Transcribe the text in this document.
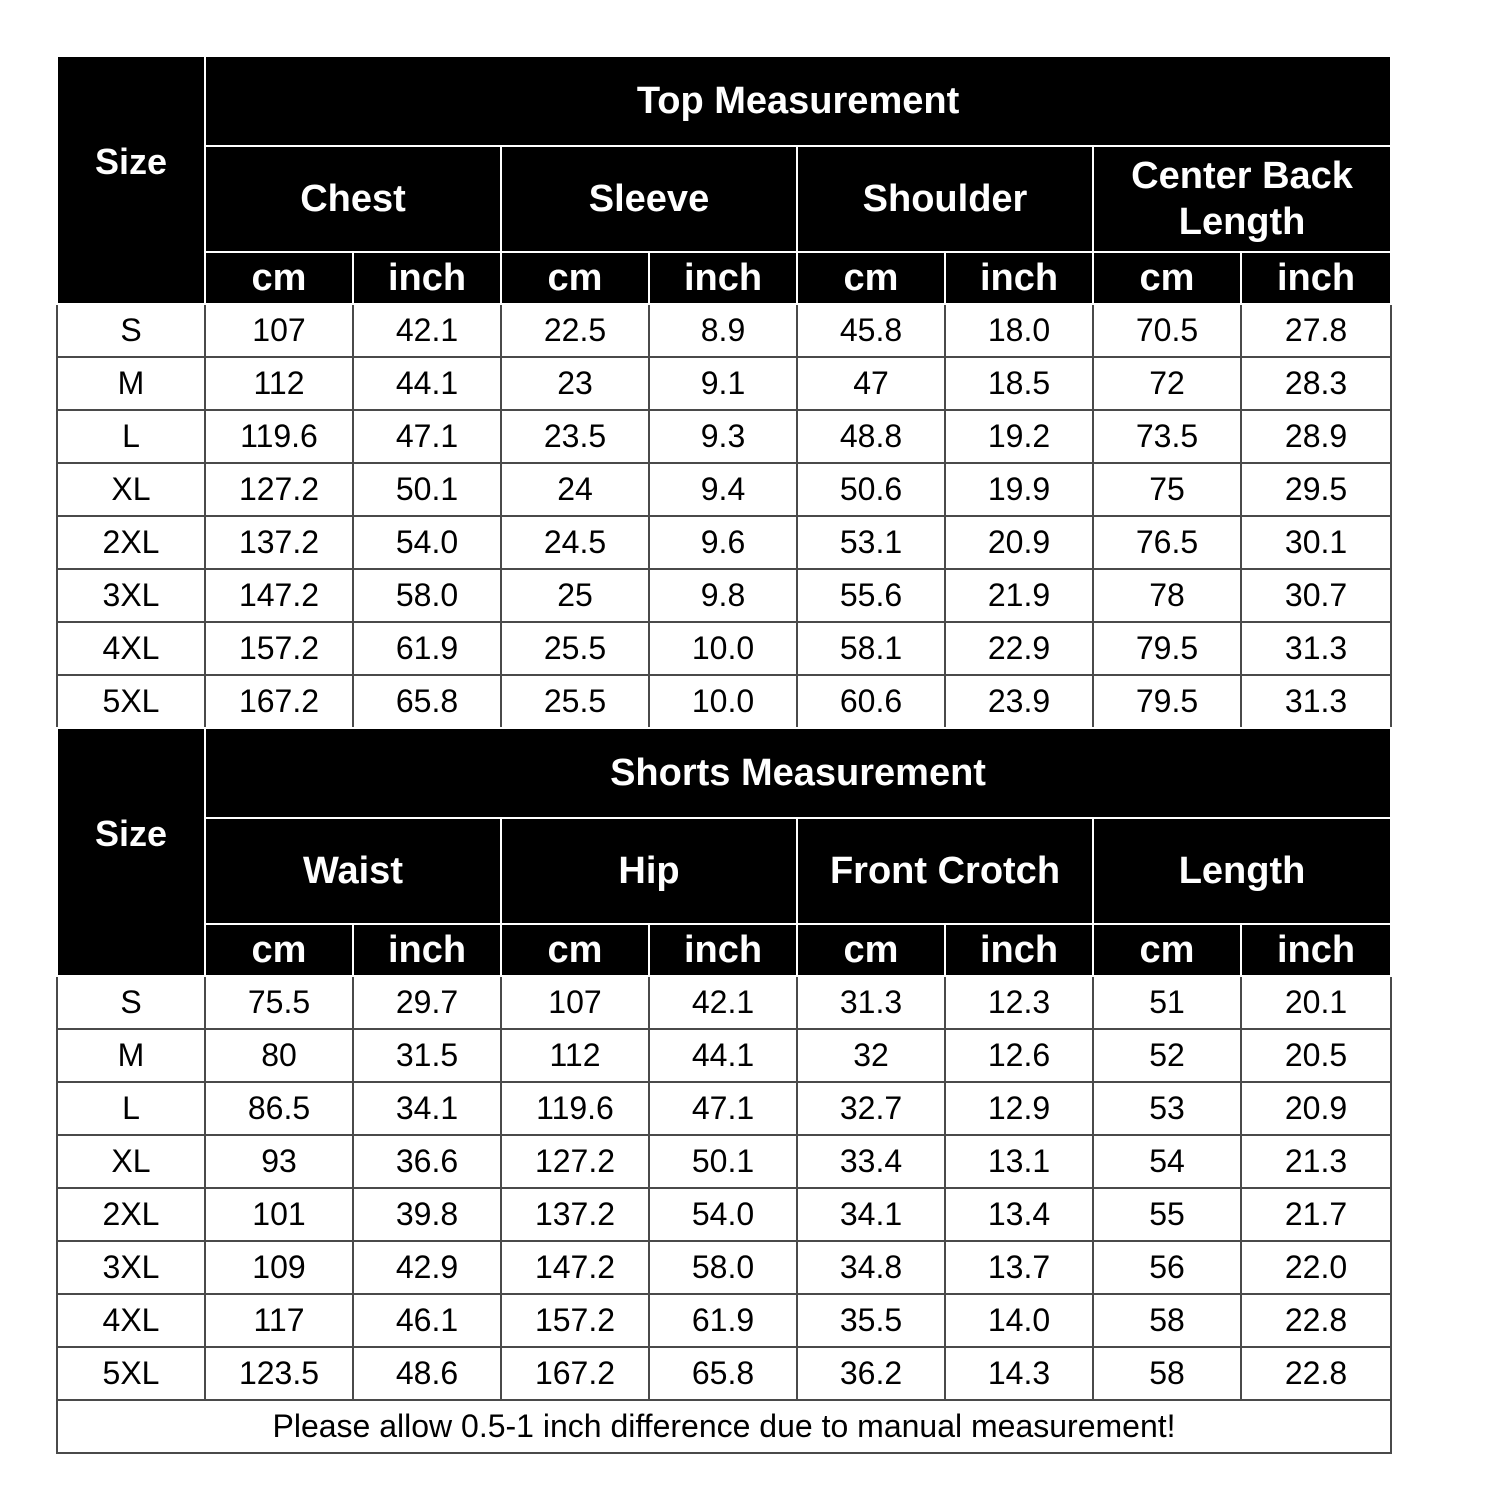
Size	Top Measurement							
	Chest		Sleeve		Shoulder		Center Back Length	
	cm	inch	cm	inch	cm	inch	cm	inch
S	107	42.1	22.5	8.9	45.8	18.0	70.5	27.8
M	112	44.1	23	9.1	47	18.5	72	28.3
L	119.6	47.1	23.5	9.3	48.8	19.2	73.5	28.9
XL	127.2	50.1	24	9.4	50.6	19.9	75	29.5
2XL	137.2	54.0	24.5	9.6	53.1	20.9	76.5	30.1
3XL	147.2	58.0	25	9.8	55.6	21.9	78	30.7
4XL	157.2	61.9	25.5	10.0	58.1	22.9	79.5	31.3
5XL	167.2	65.8	25.5	10.0	60.6	23.9	79.5	31.3
Size	Shorts Measurement							
	Waist		Hip		Front Crotch		Length	
	cm	inch	cm	inch	cm	inch	cm	inch
S	75.5	29.7	107	42.1	31.3	12.3	51	20.1
M	80	31.5	112	44.1	32	12.6	52	20.5
L	86.5	34.1	119.6	47.1	32.7	12.9	53	20.9
XL	93	36.6	127.2	50.1	33.4	13.1	54	21.3
2XL	101	39.8	137.2	54.0	34.1	13.4	55	21.7
3XL	109	42.9	147.2	58.0	34.8	13.7	56	22.0
4XL	117	46.1	157.2	61.9	35.5	14.0	58	22.8
5XL	123.5	48.6	167.2	65.8	36.2	14.3	58	22.8
Please allow 0.5-1 inch difference due to manual measurement!								
